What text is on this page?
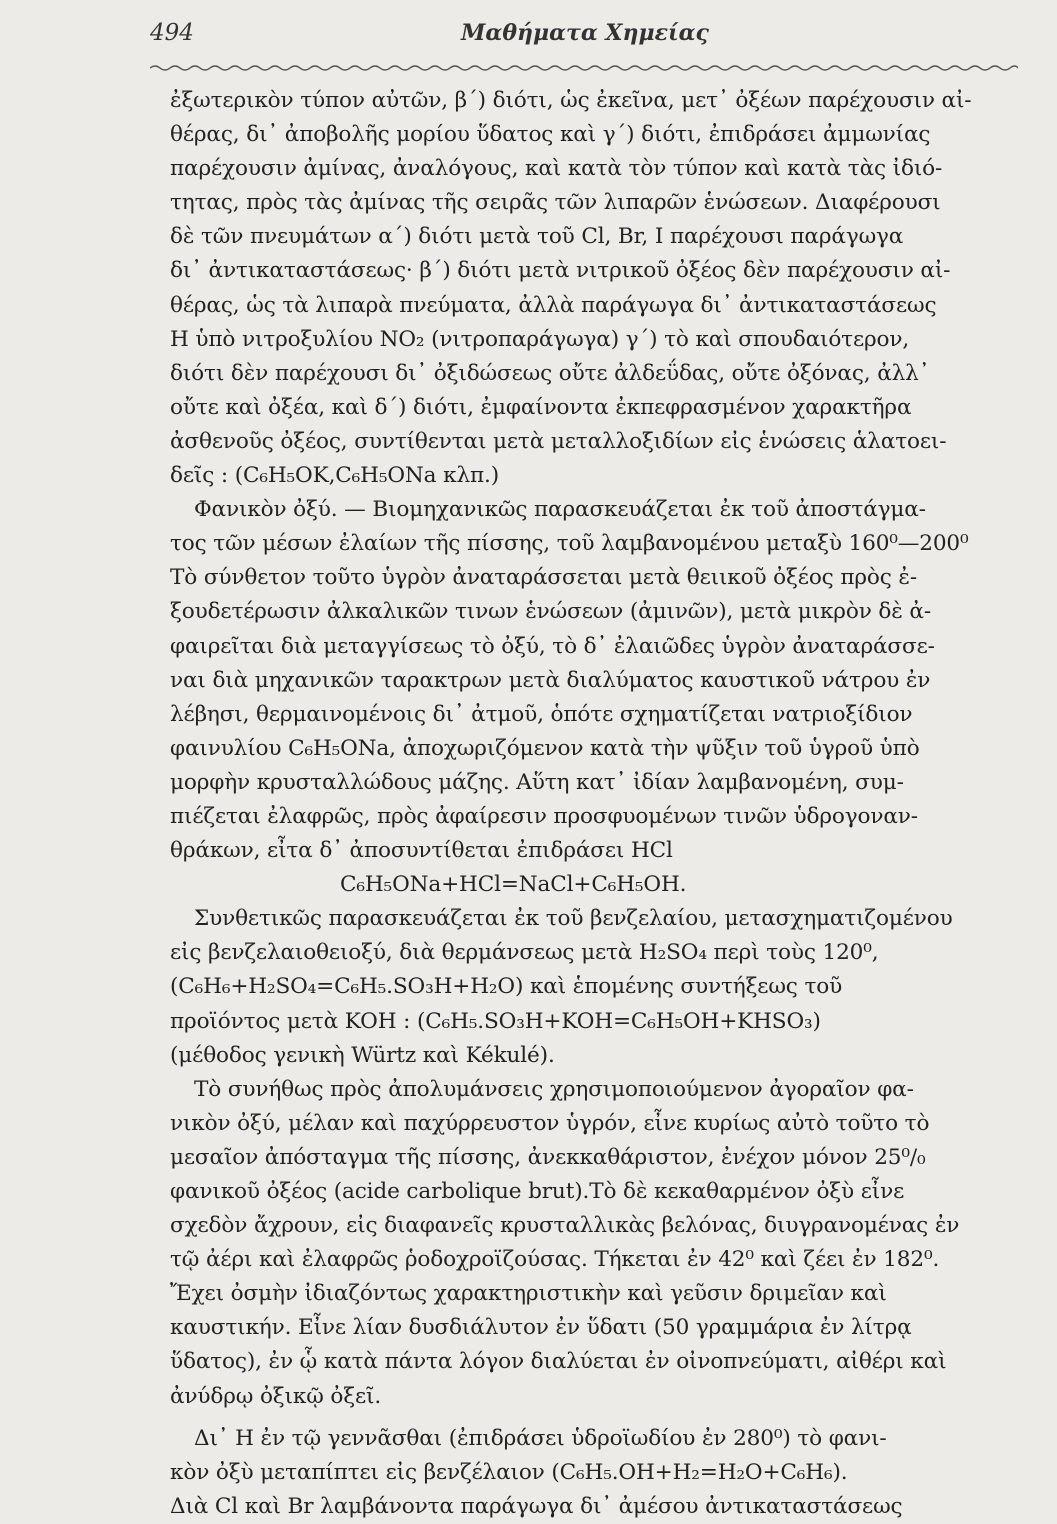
494	Μαθήματα Χημείας
ἐξωτερικὸν τύπον αὐτῶν, β΄) διότι, ὡς ἐκεῖνα, μετ᾽ ὀξέων παρέχουσιν αἰ-
θέρας, δι᾽ ἀποβολῆς μορίου ὕδατος καὶ γ΄) διότι, ἐπιδράσει ἀμμωνίας
παρέχουσιν ἀμίνας, ἀναλόγους, καὶ κατὰ τὸν τύπον καὶ κατὰ τὰς ἰδιό-
τητας, πρὸς τὰς ἀμίνας τῆς σειρᾶς τῶν λιπαρῶν ἑνώσεων. Διαφέρουσι
δὲ τῶν πνευμάτων α΄) διότι μετὰ τοῦ Cl, Br, I παρέχουσι παράγωγα
δι᾽ ἀντικαταστάσεως· β΄) διότι μετὰ νιτρικοῦ ὀξέος δὲν παρέχουσιν αἰ-
θέρας, ὡς τὰ λιπαρὰ πνεύματα, ἀλλὰ παράγωγα δι᾽ ἀντικαταστάσεως
H ὑπὸ νιτροξυλίου NO₂ (νιτροπαράγωγα) γ΄) τὸ καὶ σπουδαιότερον,
διότι δὲν παρέχουσι δι᾽ ὀξιδώσεως οὔτε ἀλδεΰδας, οὔτε ὀξόνας, ἀλλ᾽
οὔτε καὶ ὀξέα, καὶ δ΄) διότι, ἐμφαίνοντα ἐκπεφρασμένον χαρακτῆρα
ἀσθενοῦς ὀξέος, συντίθενται μετὰ μεταλλοξιδίων εἰς ἑνώσεις ἁλατοει-
δεῖς : (C₆H₅OK,C₆H₅ONa κλπ.)
Φανικὸν ὀξύ. — Βιομηχανικῶς παρασκευάζεται ἐκ τοῦ ἀποστάγμα-
τος τῶν μέσων ἐλαίων τῆς πίσσης, τοῦ λαμβανομένου μεταξὺ 160⁰—200⁰
Τὸ σύνθετον τοῦτο ὑγρὸν ἀναταράσσεται μετὰ θειικοῦ ὀξέος πρὸς ἐ-
ξουδετέρωσιν ἀλκαλικῶν τινων ἑνώσεων (ἀμινῶν), μετὰ μικρὸν δὲ ἀ-
φαιρεῖται διὰ μεταγγίσεως τὸ ὀξύ, τὸ δ᾽ ἐλαιῶδες ὑγρὸν ἀναταράσσε-
ναι διὰ μηχανικῶν ταρακτρων μετὰ διαλύματος καυστικοῦ νάτρου ἐν
λέβησι, θερμαινομένοις δι᾽ ἀτμοῦ, ὁπότε σχηματίζεται νατριοξίδιον
φαινυλίου C₆H₅ONa, ἀποχωριζόμενον κατὰ τὴν ψῦξιν τοῦ ὑγροῦ ὑπὸ
μορφὴν κρυσταλλώδους μάζης. Αὕτη κατ᾽ ἰδίαν λαμβανομένη, συμ-
πιέζεται ἐλαφρῶς, πρὸς ἀφαίρεσιν προσφυομένων τινῶν ὑδρογοναν-
θράκων, εἶτα δ᾽ ἀποσυντίθεται ἐπιδράσει HCl
C₆H₅ONa+HCl=NaCl+C₆H₅OH.
Συνθετικῶς παρασκευάζεται ἐκ τοῦ βενζελαίου, μετασχηματιζομένου
εἰς βενζελαιοθειοξύ, διὰ θερμάνσεως μετὰ H₂SO₄ περὶ τοὺς 120⁰,
(C₆H₆+H₂SO₄=C₆H₅.SO₃H+H₂O) καὶ ἑπομένης συντήξεως τοῦ
προϊόντος μετὰ KOH : (C₆H₅.SO₃H+KOH=C₆H₅OH+KHSO₃)
(μέθοδος γενικὴ Würtz καὶ Kékulé).
Τὸ συνήθως πρὸς ἀπολυμάνσεις χρησιμοποιούμενον ἀγοραῖον φα-
νικὸν ὀξύ, μέλαν καὶ παχύρρευστον ὑγρόν, εἶνε κυρίως αὐτὸ τοῦτο τὸ
μεσαῖον ἀπόσταγμα τῆς πίσσης, ἀνεκκαθάριστον, ἐνέχον μόνον 25⁰/₀
φανικοῦ ὀξέος (acide carbolique brut).Τὸ δὲ κεκαθαρμένον ὀξὺ εἶνε
σχεδὸν ἄχρουν, εἰς διαφανεῖς κρυσταλλικὰς βελόνας, διυγρανομένας ἐν
τῷ ἀέρι καὶ ἐλαφρῶς ῥοδοχροϊζούσας. Τήκεται ἐν 42⁰ καὶ ζέει ἐν 182⁰.
Ἔχει ὀσμὴν ἰδιαζόντως χαρακτηριστικὴν καὶ γεῦσιν δριμεῖαν καὶ
καυστικήν. Εἶνε λίαν δυσδιάλυτον ἐν ὕδατι (50 γραμμάρια ἐν λίτρᾳ
ὕδατος), ἐν ᾧ κατὰ πάντα λόγον διαλύεται ἐν οἰνοπνεύματι, αἰθέρι καὶ
ἀνύδρῳ ὀξικῷ ὀξεῖ.
Δι᾽ H ἐν τῷ γεννᾶσθαι (ἐπιδράσει ὑδροϊωδίου ἐν 280⁰) τὸ φανι-
κὸν ὀξὺ μεταπίπτει εἰς βενζέλαιον (C₆H₅.OH+H₂=H₂O+C₆H₆).
Διὰ Cl καὶ Br λαμβάνοντα παράγωγα δι᾽ ἀμέσου ἀντικαταστάσεως
